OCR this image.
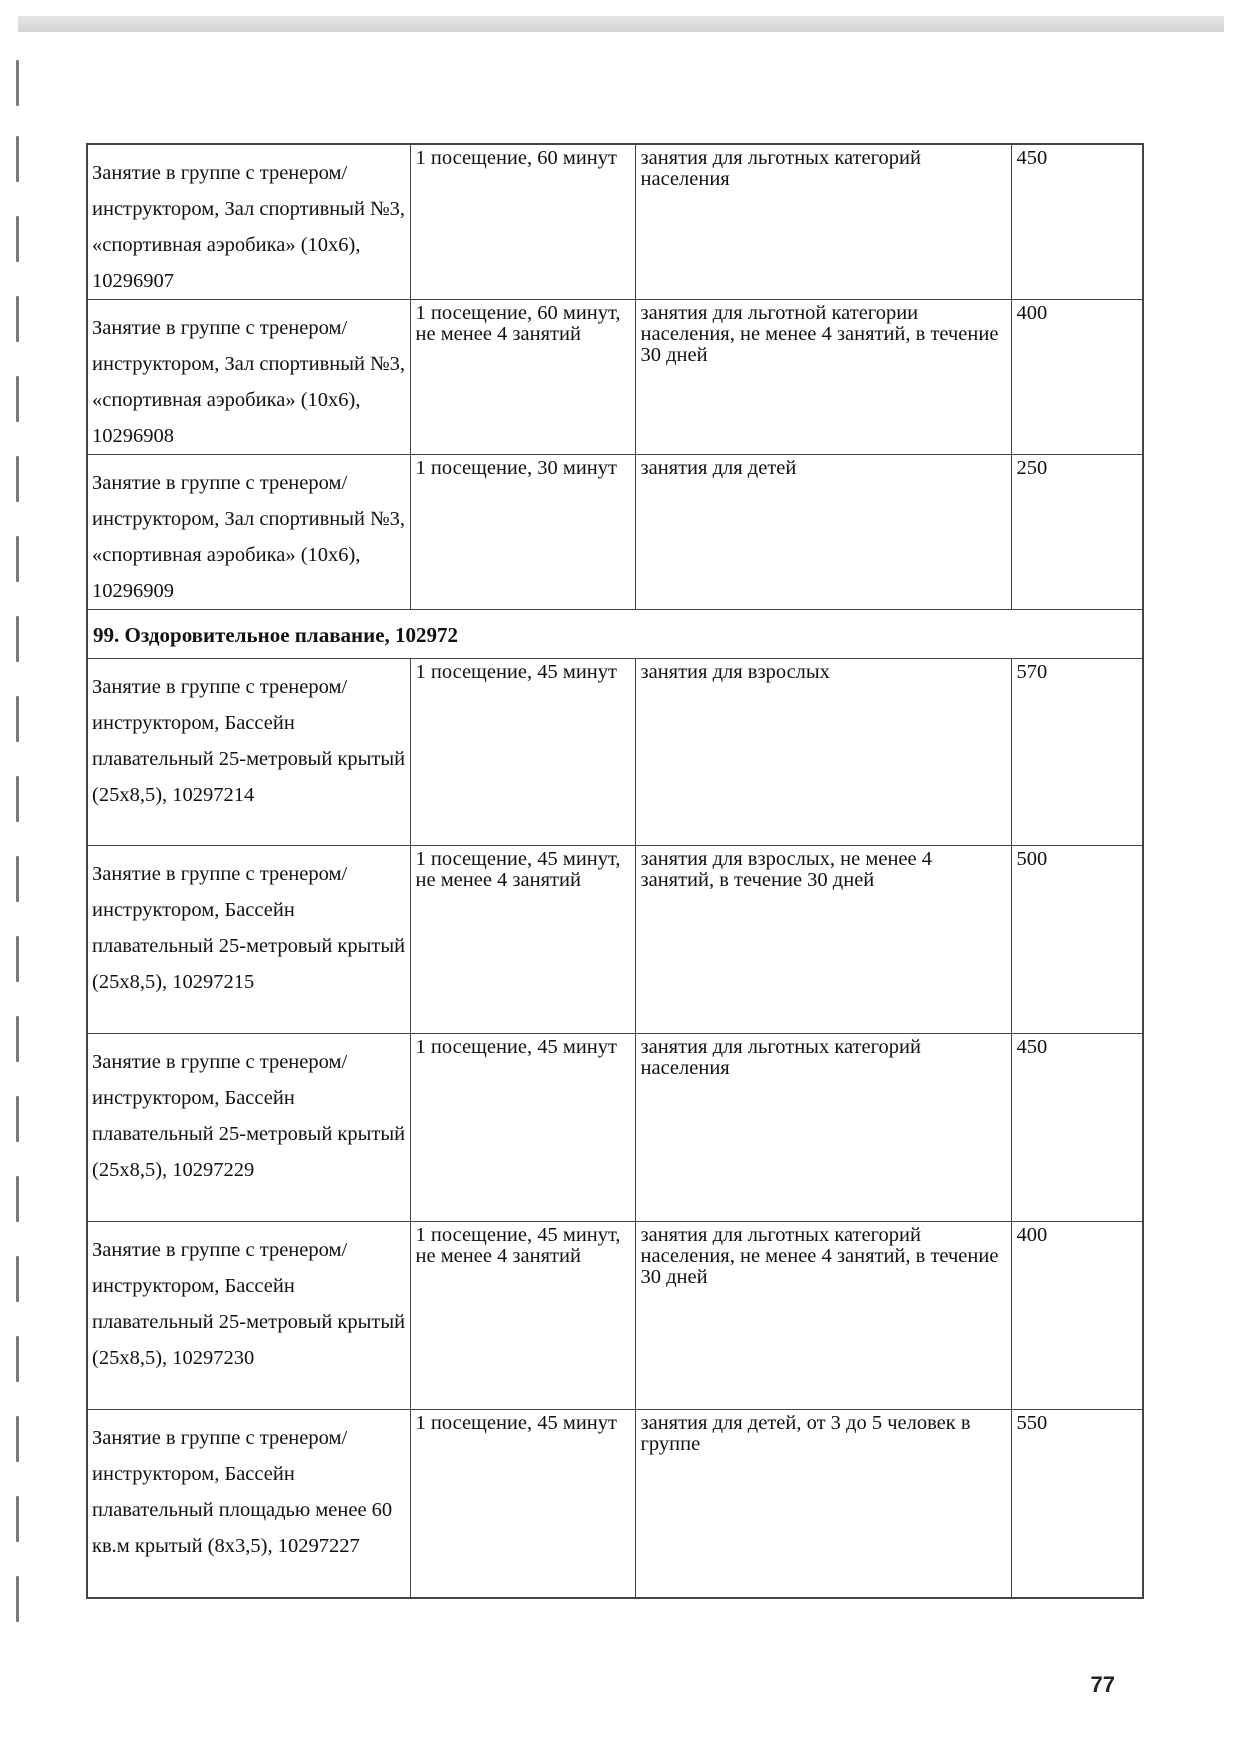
Занятие в группе с тренером/инструктором, Зал спортивный №3, «спортивная аэробика» (10х6), 10296907	1 посещение, 60 минут	занятия для льготных категорий населения	450
Занятие в группе с тренером/инструктором, Зал спортивный №3, «спортивная аэробика» (10х6), 10296908	1 посещение, 60 минут, не менее 4 занятий	занятия для льготной категории населения, не менее 4 занятий, в течение 30 дней	400
Занятие в группе с тренером/инструктором, Зал спортивный №3, «спортивная аэробика» (10х6), 10296909	1 посещение, 30 минут	занятия для детей	250
99. Оздоровительное плавание, 102972			
Занятие в группе с тренером/инструктором, Бассейн плавательный 25-метровый крытый (25х8,5), 10297214	1 посещение, 45 минут	занятия для взрослых	570
Занятие в группе с тренером/инструктором, Бассейн плавательный 25-метровый крытый (25х8,5), 10297215	1 посещение, 45 минут, не менее 4 занятий	занятия для взрослых, не менее 4 занятий, в течение 30 дней	500
Занятие в группе с тренером/инструктором, Бассейн плавательный 25-метровый крытый (25х8,5), 10297229	1 посещение, 45 минут	занятия для льготных категорий населения	450
Занятие в группе с тренером/инструктором, Бассейн плавательный 25-метровый крытый (25х8,5), 10297230	1 посещение, 45 минут, не менее 4 занятий	занятия для льготных категорий населения, не менее 4 занятий, в течение 30 дней	400
Занятие в группе с тренером/инструктором, Бассейн плавательный площадью менее 60 кв.м крытый (8х3,5), 10297227	1 посещение, 45 минут	занятия для детей, от 3 до 5 человек в группе	550
77
